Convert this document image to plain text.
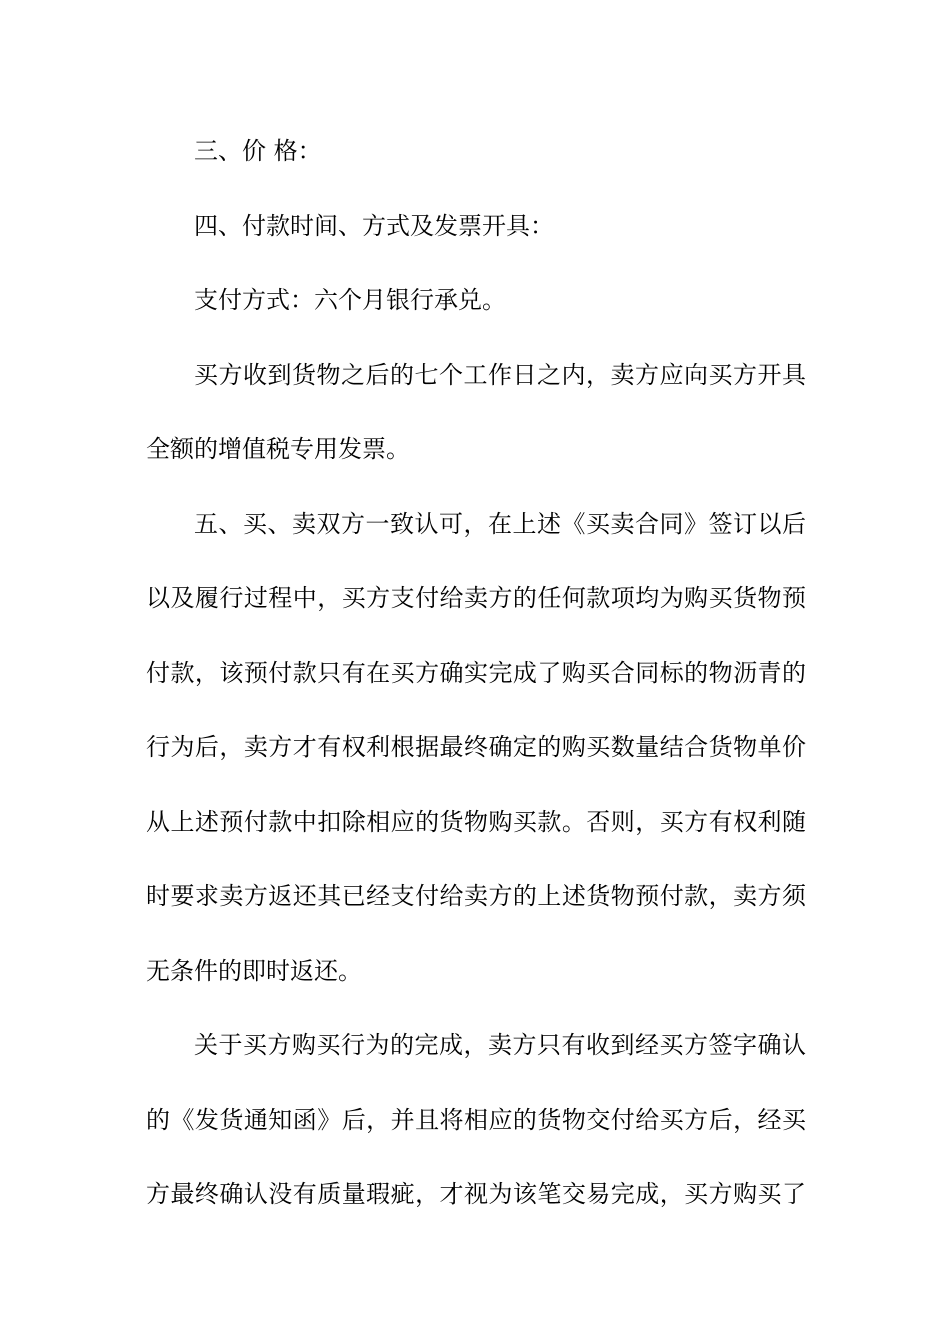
三、价 格：
四、付款时间、方式及发票开具：
支付方式：六个月银行承兑。
买方收到货物之后的七个工作日之内，卖方应向买方开具
全额的增值税专用发票。
五、买、卖双方一致认可，在上述《买卖合同》签订以后
以及履行过程中，买方支付给卖方的任何款项均为购买货物预
付款，该预付款只有在买方确实完成了购买合同标的物沥青的
行为后，卖方才有权利根据最终确定的购买数量结合货物单价
从上述预付款中扣除相应的货物购买款。否则，买方有权利随
时要求卖方返还其已经支付给卖方的上述货物预付款，卖方须
无条件的即时返还。
关于买方购买行为的完成，卖方只有收到经买方签字确认
的《发货通知函》后，并且将相应的货物交付给买方后，经买
方最终确认没有质量瑕疵，才视为该笔交易完成，买方购买了
